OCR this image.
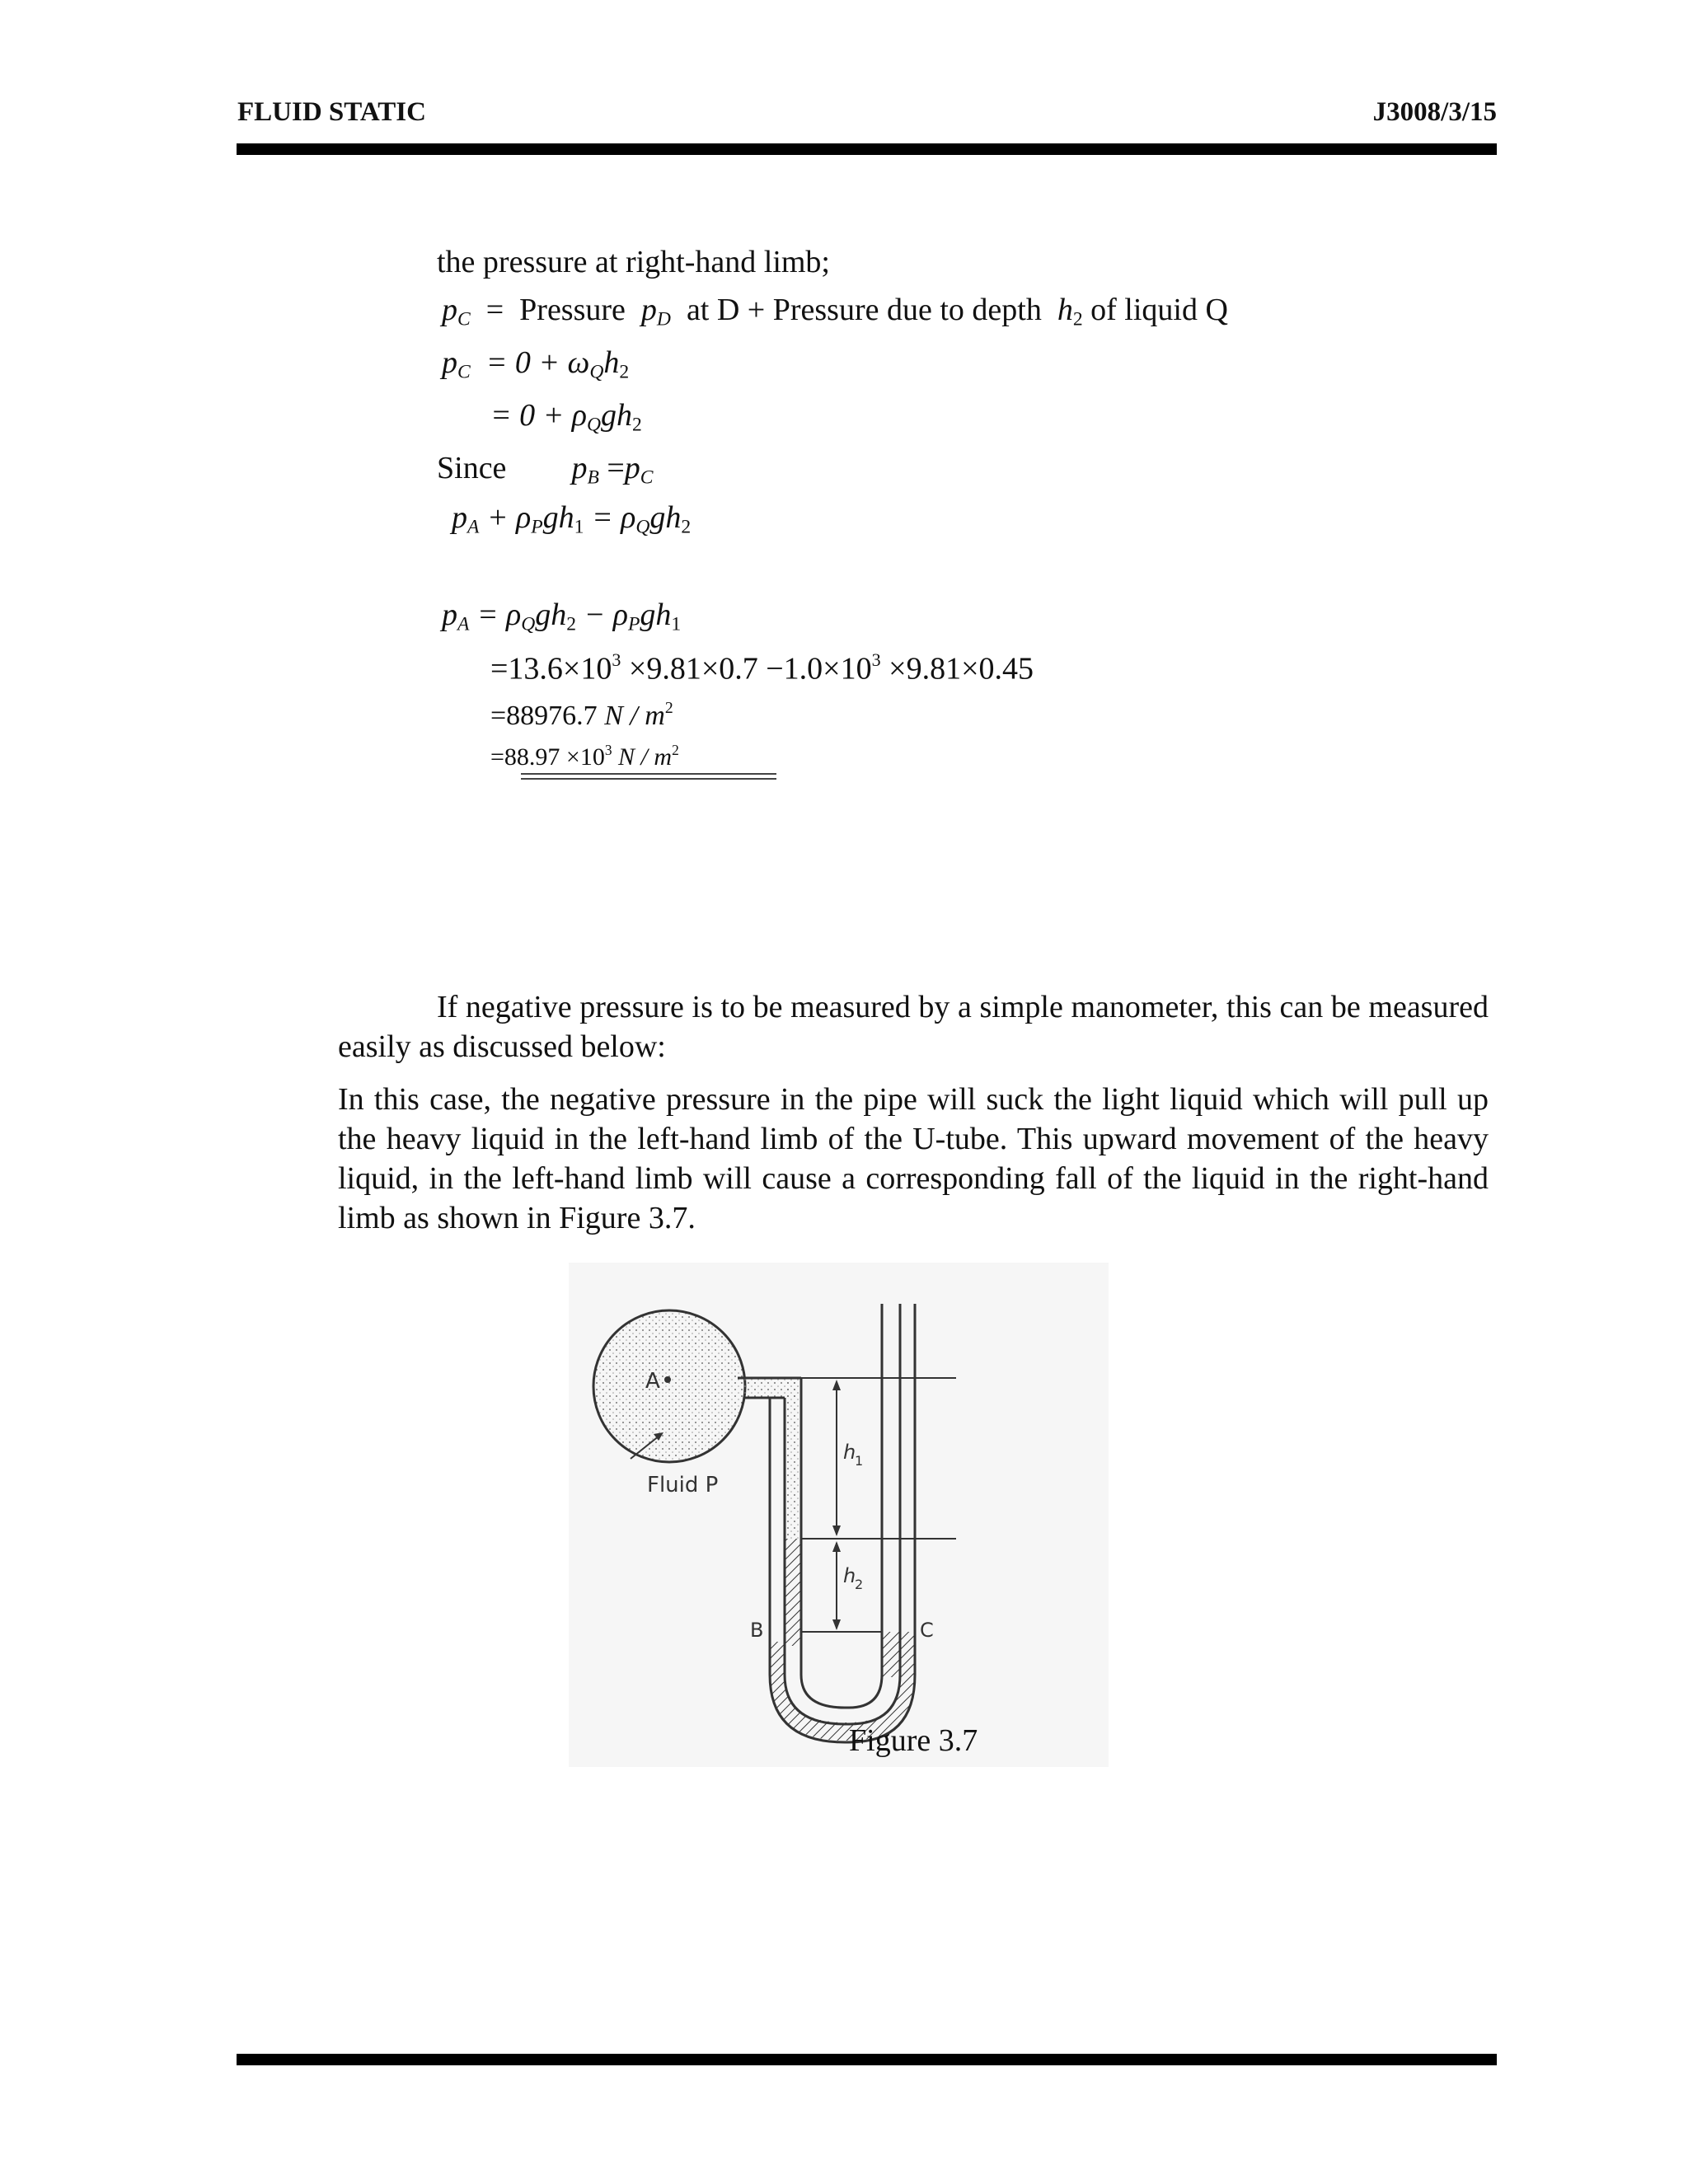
FLUID STATIC	J3008/3/15
the pressure at right-hand limb;
$p_C$ = Pressure $p_D$ at D + Pressure due to depth h2 of liquid Q
$p_C = 0 + \omega_Qh2$
= $0 + \rho_Qgh2$
Since $p_B =p_C$
$p_A + \rho_Pgh1 = \rho_Qgh2$
$p_A = \rho_Qgh2 - \rho_Pgh1$
$=13.6\times 10^3 \times 9.81\times 0.7 -1.0\times 10^3 \times 9.81\times 0.45$
=88976.7 N / $m^2$
$=88.97 \times 10^3$ N / $m^2$
If negative pressure is to be measured by a simple manometer, this can be measured easily as discussed below:
In this case, the negative pressure in the pipe will suck the light liquid which will pull up the heavy liquid in the left-hand limb of the U-tube. This upward movement of the heavy liquid, in the left-hand limb will cause a corresponding fall of the liquid in the right-hand limb as shown in Figure 3.7.
A
Fluid P
h
1
h
2
B	C
Figure 3.7
